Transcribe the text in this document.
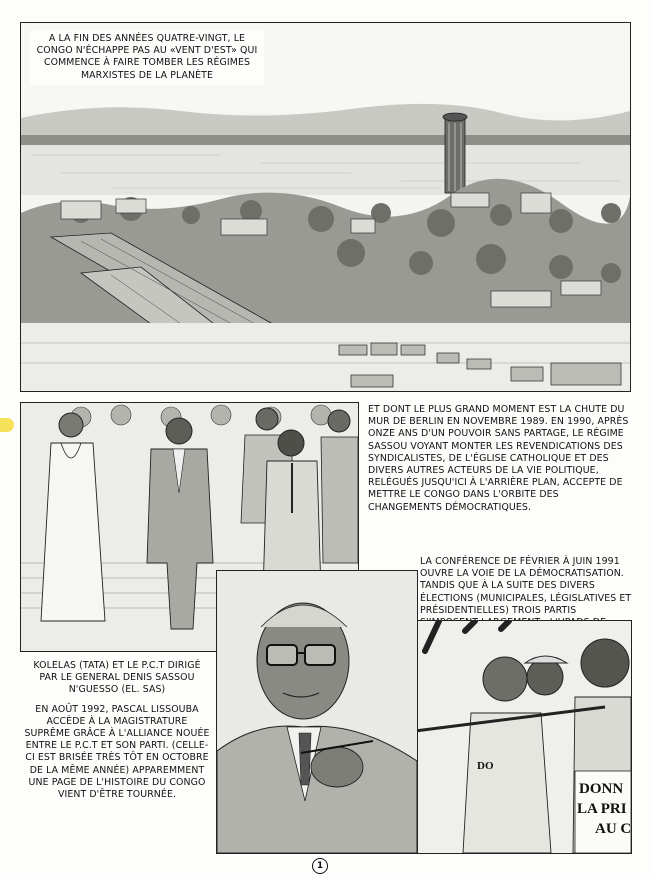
A LA FIN DES ANNÉES QUATRE-VINGT, LE CONGO N'ÉCHAPPE PAS AU «VENT D'EST» QUI COMMENCE À FAIRE TOMBER LES RÉGIMES MARXISTES DE LA PLANÈTE

ET DONT LE PLUS GRAND MOMENT EST LA CHUTE DU MUR DE BERLIN EN NOVEMBRE 1989. EN 1990, APRÈS ONZE ANS D'UN POUVOIR SANS PARTAGE, LE RÉGIME SASSOU VOYANT MONTER LES REVENDICATIONS DES SYNDICALISTES, DE L'ÉGLISE CATHOLIQUE ET DES DIVERS AUTRES ACTEURS DE LA VIE POLITIQUE, RELÉGUÉS JUSQU'ICI À L'ARRIÈRE PLAN, ACCEPTE DE METTRE LE CONGO DANS L'ORBITE DES CHANGEMENTS DÉMOCRATIQUES.

LA CONFÉRENCE DE FÉVRIER À JUIN 1991 OUVRE LA VOIE DE LA DÉMOCRATISATION. TANDIS QUE À LA SUITE DES DIVERS ÉLECTIONS (MUNICIPALES, LÉGISLATIVES ET PRÉSIDENTIELLES) TROIS PARTIS

DONN
LA PRI
AU C
DO

KOLELAS (TATA) ET LE P.C.T DIRIGÉ PAR LE GENERAL DENIS SASSOU N'GUESSO (EL. SAS)

EN AOÛT 1992, PASCAL LISSOUBA ACCÈDE À LA MAGISTRATURE SUPRÊME GRÂCE À L'ALLIANCE NOUÉE ENTRE LE P.C.T ET SON PARTI. (CELLE-CI EST BRISÉE TRÈS TÔT EN OCTOBRE DE LA MÊME ANNÉE) APPAREMMENT UNE PAGE DE L'HISTOIRE DU CONGO VIENT D'ÊTRE TOURNÉE.

1
